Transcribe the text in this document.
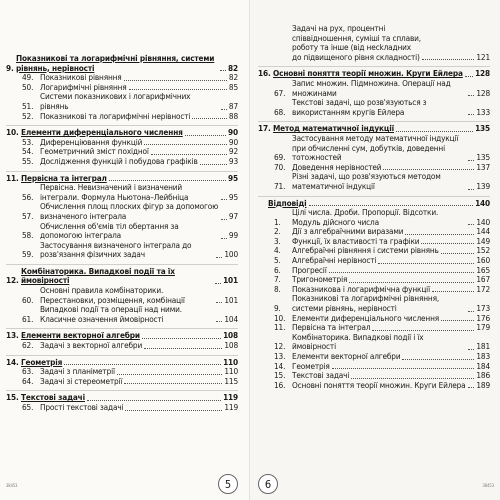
9.
Показникові та логарифмічні рівняння, системи рівнянь, нерівності	82
49. Показникові рівняння	82
50. Логарифмічні рівняння	85
51.
Системи показникових і логарифмічних рівнянь	87
52. Показникові та логарифмічні нерівності	88
10. Елементи диференціального числення	90
53. Диференціювання функцій	90
54. Геометричний зміст похідної	92
55. Дослідження функцій і побудова графіків	93
11. Первісна та інтеграл	95
56.
Первісна. Невизначений і визначений інтеграли. Формула Ньютона–Лейбніца	95
57.
Обчислення площ плоских фігур за допомогою визначеного інтеграла	97
58.
Обчислення об'ємів тіл обертання за допомогою інтеграла	99
59.
Застосування визначеного інтеграла до розв'язання фізичних задач	100
12.
Комбінаторика. Випадкові події та їх ймовірності	101
60.
Основні правила комбінаторики. Перестановки, розміщення, комбінації	101
61.
Випадкові події та операції над ними. Класичне означення ймовірності	104
13. Елементи векторної алгебри	108
62. Задачі з векторної алгебри	108
14. Геометрія	110
63. Задачі з планіметрії	110
64. Задачі зі стереометрії	115
15. Текстові задачі	119
65. Прості текстові задачі	119
38453	5
Задачі на рух, процентні
співвідношення, суміші та сплави,
роботу та інше (від несkладних
до підвищеного рівня складності)	121
16. Основні поняття теорії множин. Круги Ейлера 128
67.
Запис множин. Підмножина. Операції над множинами	128
68.
Текстові задачі, що розв'язуються з використанням кругів Ейлера	133
17. Метод математичної індукції	135
69.
Застосування методу математичної індукції при обчисленні сум, добутків, доведенні тотожностей	135
70. Доведення нерівностей	137
71.
Різні задачі, що розв'язуються методом математичної індукції	139
Відповіді	140
1.
Цілі числа. Дроби. Пропорції. Відсотки. Модуль дійсного числа	140
2.	Дії з алгебраїчними виразами	144
3.	Функції, їх властивості та графіки	149
4.	Алгебраїчні рівняння і системи рівнянь	152
5.	Алгебраїчні нерівності	160
6.	Прогресії	165
7.	Тригонометрія	167
8.	Показникова і логарифмічна функції	172
9.
Показникові та логарифмічні рівняння, системи рівнянь, нерівності	173
10. Елементи диференціального числення	176
11. Первісна та інтеграл	179
12.
Комбінаторика. Випадкові події і їх ймовірності	181
13. Елементи векторної алгебри	183
14. Геометрія	184
15. Текстові задачі	186
16. Основні поняття теорії множин. Круги Ейлера 189
6	38453
